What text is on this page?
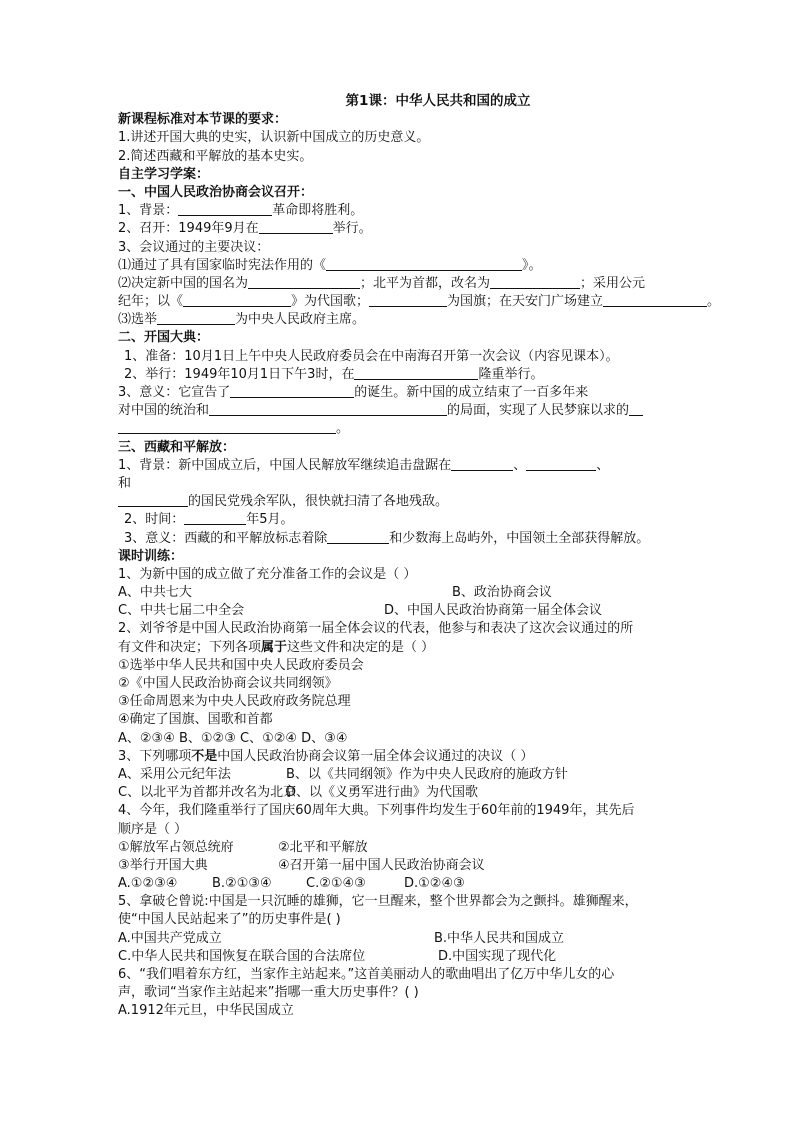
第1课：中华人民共和国的成立
新课程标准对本节课的要求：
1.讲述开国大典的史实，认识新中国成立的历史意义。
2.简述西藏和平解放的基本史实。
自主学习学案：
一、中国人民政治协商会议召开：
1、背景：	革命即将胜利。
2、召开：1949年9月在	举行。
3、会议通过的主要决议：
⑴通过了具有国家临时宪法作用的《	》。
⑵决定新中国的国名为	；北平为首都，改名为	；采用公元
纪年；以《	》为代国歌；	为国旗；在天安门广场建立	。
⑶选举	为中央人民政府主席。
二、开国大典：
1、准备：10月1日上午中央人民政府委员会在中南海召开第一次会议（内容见课本）。
2、举行：1949年10月1日下午3时，在	隆重举行。
3、意义：它宣告了	的诞生。新中国的成立结束了一百多年来
对中国的统治和	的局面，实现了人民梦寐以求的
。
三、西藏和平解放：
1、背景：新中国成立后，中国人民解放军继续追击盘踞在	、	、
和
的国民党残余军队，很快就扫清了各地残敌。
2、时间：	年5月。
3、意义：西藏的和平解放标志着除	和少数海上岛屿外，中国领土全部获得解放。
课时训练：
1、为新中国的成立做了充分准备工作的会议是（ ）
A、中共七大	B、政治协商会议
C、中共七届二中全会	D、中国人民政治协商第一届全体会议
2、刘爷爷是中国人民政治协商第一届全体会议的代表，他参与和表决了这次会议通过的所
有文件和决定；下列各项属于这些文件和决定的是（ ）
①选举中华人民共和国中央人民政府委员会
②《中国人民政治协商会议共同纲领》
③任命周恩来为中央人民政府政务院总理
④确定了国旗、国歌和首都
A、②③④ B、①②③ C、①②④ D、③④
3、下列哪项不是中国人民政治协商会议第一届全体会议通过的决议（ ）
A、采用公元纪年法	B、以《共同纲领》作为中央人民政府的施政方针
C、以北平为首都并改名为北京D、以《义勇军进行曲》为代国歌
4、今年，我们隆重举行了国庆60周年大典。下列事件均发生于60年前的1949年，其先后
顺序是（ ）
①解放军占领总统府	②北平和平解放
③举行开国大典	④召开第一届中国人民政治协商会议
A.①②③④	B.②①③④	C.②①④③	D.①②④③
5、拿破仑曾说:中国是一只沉睡的雄狮，它一旦醒来，整个世界都会为之颤抖。雄狮醒来，
使“中国人民站起来了”的历史事件是( )
A.中国共产党成立	B.中华人民共和国成立
C.中华人民共和国恢复在联合国的合法席位	D.中国实现了现代化
6、“我们唱着东方红，当家作主站起来。”这首美丽动人的歌曲唱出了亿万中华儿女的心
声，歌词“当家作主站起来”指哪一重大历史事件？( )
A.1912年元旦，中华民国成立
